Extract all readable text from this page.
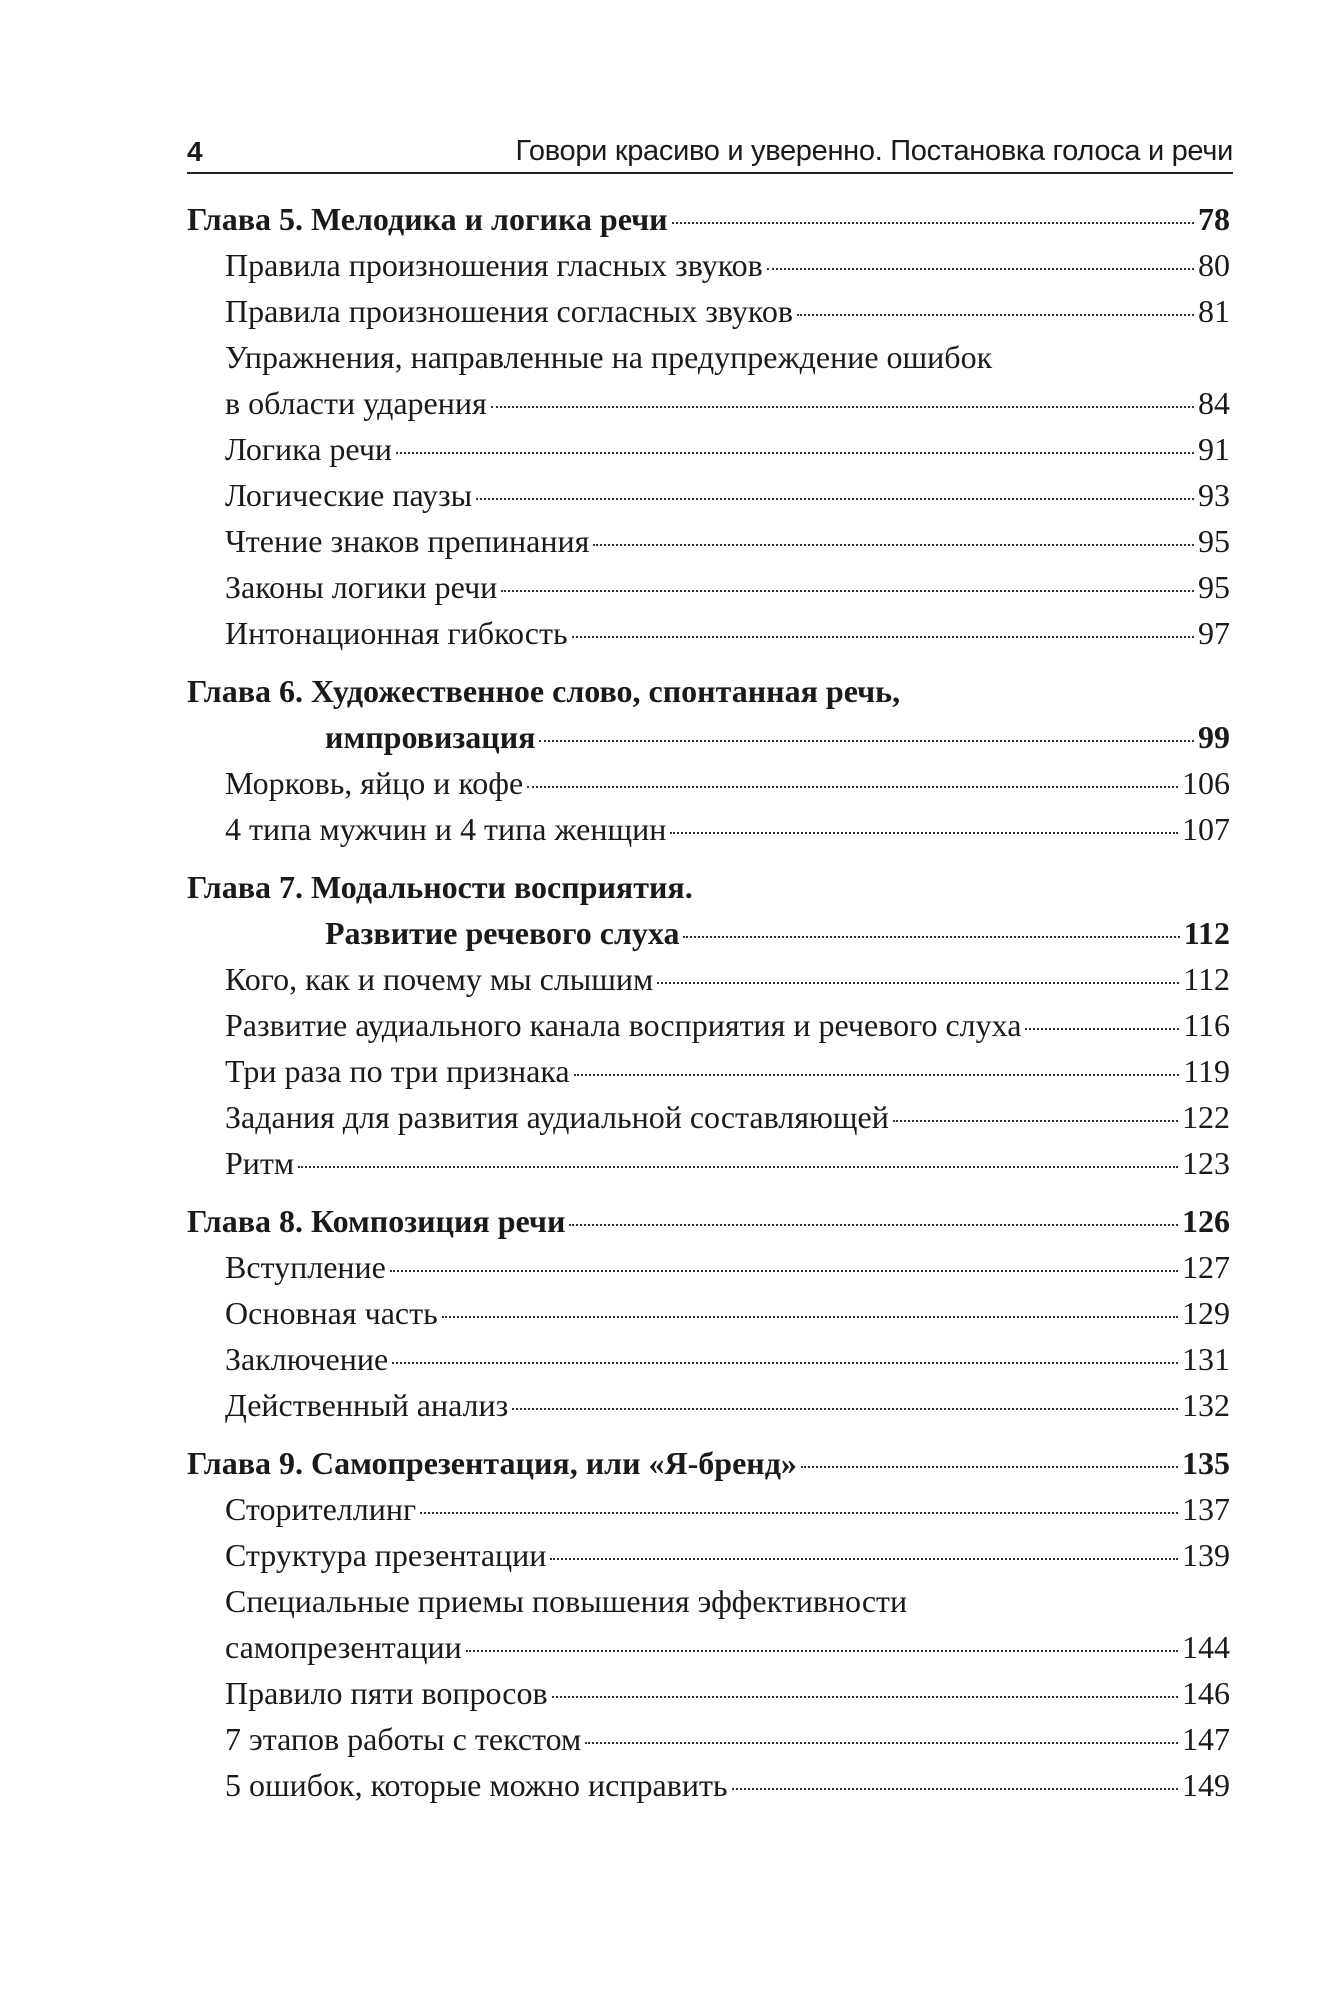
4	Говори красиво и уверенно. Постановка голоса и речи
Глава 5. Мелодика и логика речи	78
Правила произношения гласных звуков	80
Правила произношения согласных звуков	81
Упражнения, направленные на предупреждение ошибок
в области ударения	84
Логика речи	91
Логические паузы	93
Чтение знаков препинания	95
Законы логики речи	95
Интонационная гибкость	97
Глава 6. Художественное слово, спонтанная речь,
импровизация	99
Морковь, яйцо и кофе	106
4 типа мужчин и 4 типа женщин	107
Глава 7. Модальности восприятия.
Развитие речевого слуха	112
Кого, как и почему мы слышим	112
Развитие аудиального канала восприятия и речевого слуха	116
Три раза по три признака	119
Задания для развития аудиальной составляющей	122
Ритм	123
Глава 8. Композиция речи	126
Вступление	127
Основная часть	129
Заключение	131
Действенный анализ	132
Глава 9. Самопрезентация, или «Я-бренд»	135
Сторителлинг	137
Структура презентации	139
Специальные приемы повышения эффективности
самопрезентации	144
Правило пяти вопросов	146
7 этапов работы с текстом	147
5 ошибок, которые можно исправить	149
